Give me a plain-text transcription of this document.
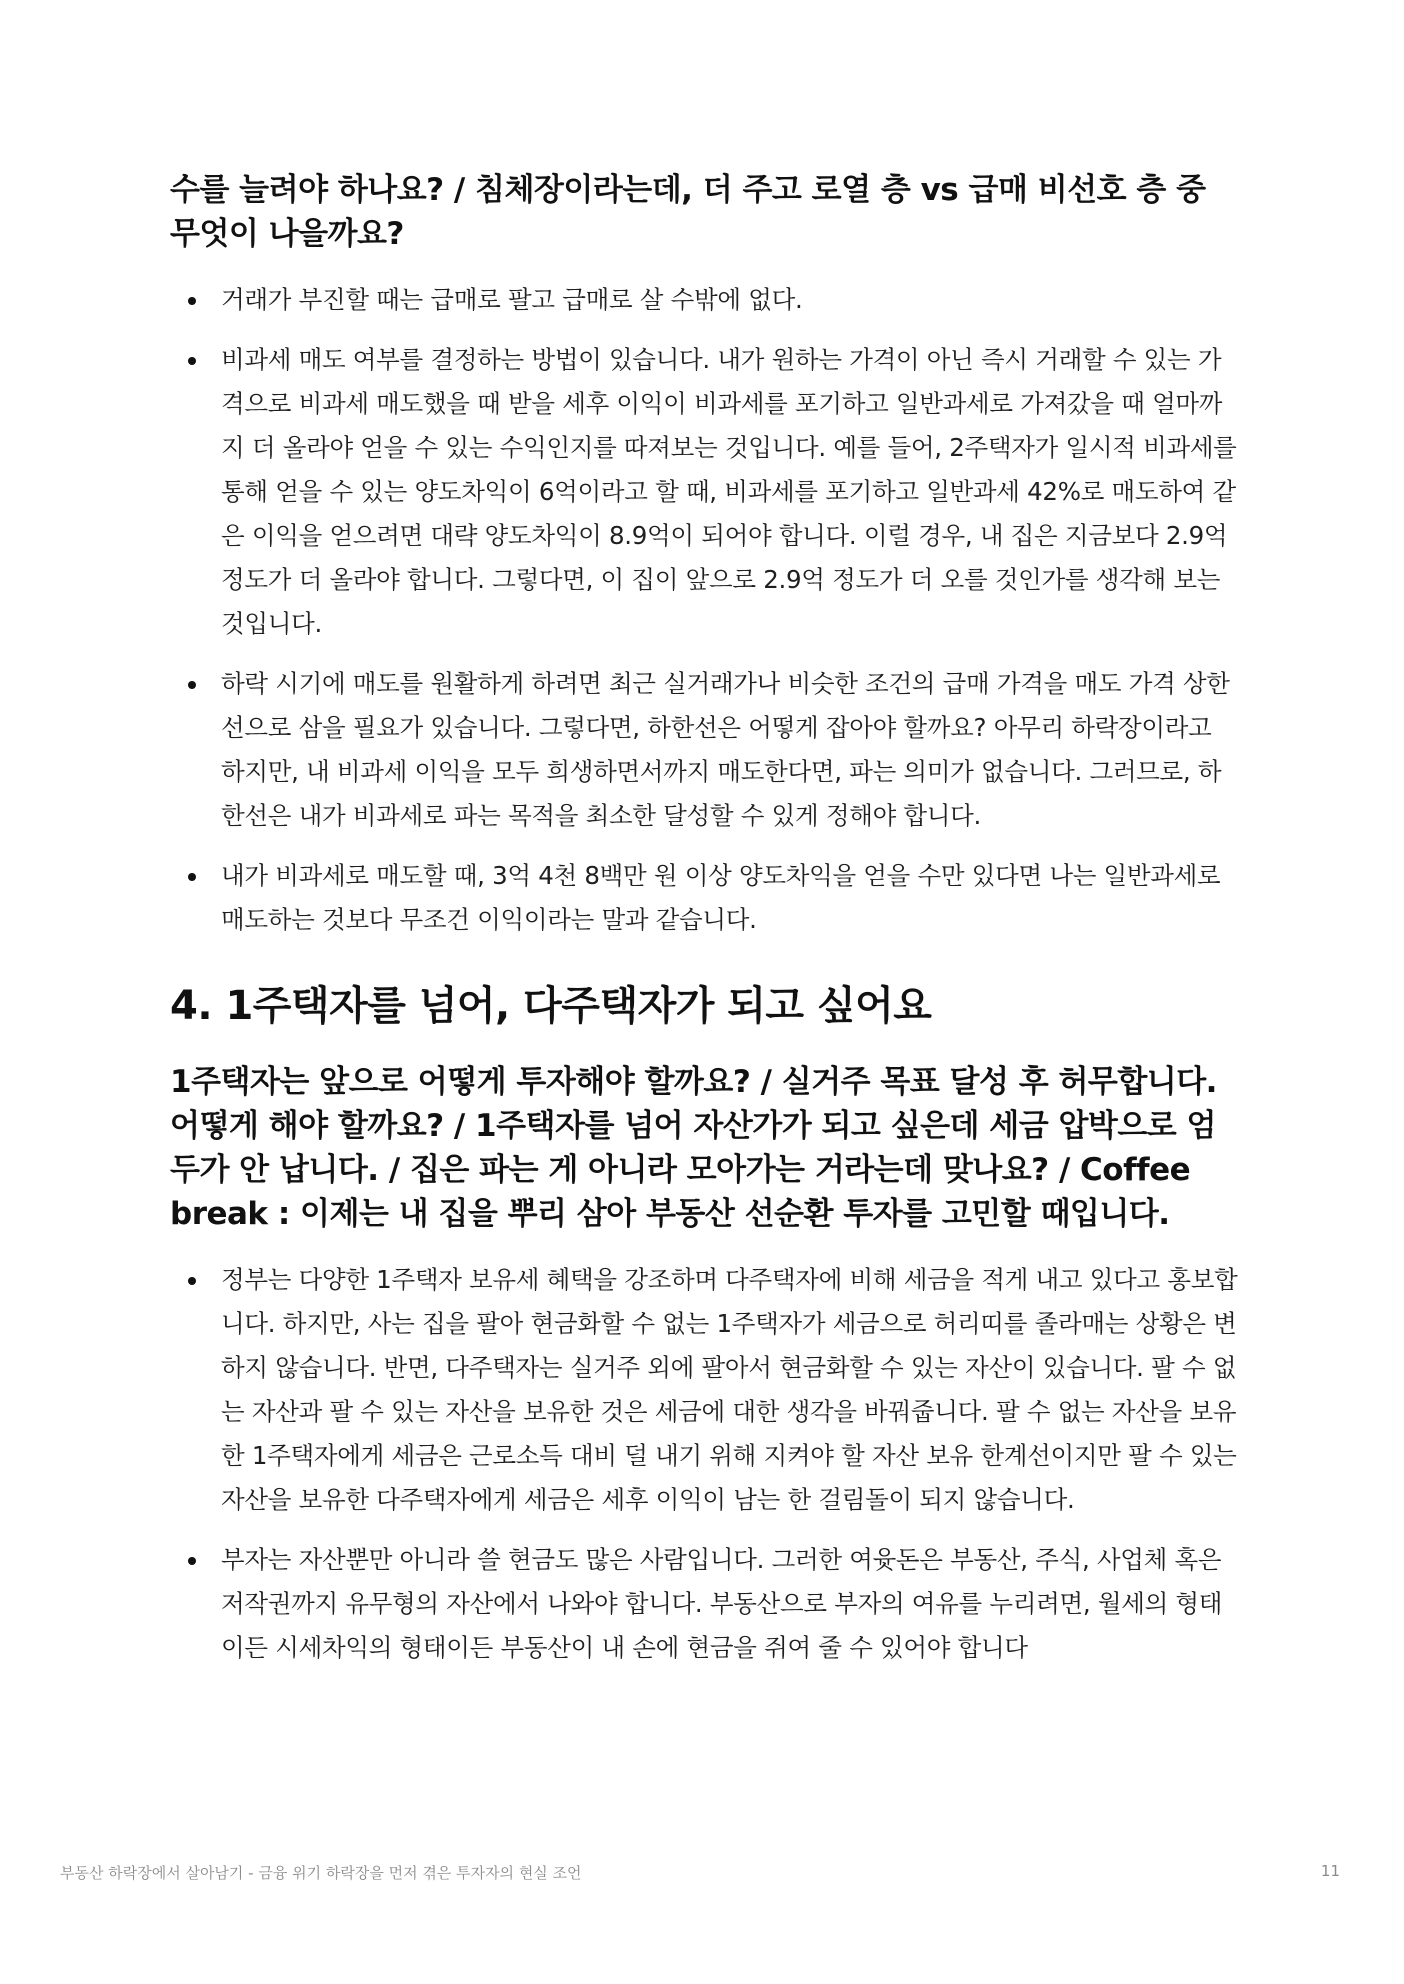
수를 늘려야 하나요? / 침체장이라는데, 더 주고 로열 층 vs 급매 비선호 층 중 무엇이 나을까요?
거래가 부진할 때는 급매로 팔고 급매로 살 수밖에 없다.
비과세 매도 여부를 결정하는 방법이 있습니다. 내가 원하는 가격이 아닌 즉시 거래할 수 있는 가격으로 비과세 매도했을 때 받을 세후 이익이 비과세를 포기하고 일반과세로 가져갔을 때 얼마까지 더 올라야 얻을 수 있는 수익인지를 따져보는 것입니다. 예를 들어, 2주택자가 일시적 비과세를 통해 얻을 수 있는 양도차익이 6억이라고 할 때, 비과세를 포기하고 일반과세 42%로 매도하여 같은 이익을 얻으려면 대략 양도차익이 8.9억이 되어야 합니다. 이럴 경우, 내 집은 지금보다 2.9억 정도가 더 올라야 합니다. 그렇다면, 이 집이 앞으로 2.9억 정도가 더 오를 것인가를 생각해 보는 것입니다.
하락 시기에 매도를 원활하게 하려면 최근 실거래가나 비슷한 조건의 급매 가격을 매도 가격 상한선으로 삼을 필요가 있습니다. 그렇다면, 하한선은 어떻게 잡아야 할까요? 아무리 하락장이라고 하지만, 내 비과세 이익을 모두 희생하면서까지 매도한다면, 파는 의미가 없습니다. 그러므로, 하한선은 내가 비과세로 파는 목적을 최소한 달성할 수 있게 정해야 합니다.
내가 비과세로 매도할 때, 3억 4천 8백만 원 이상 양도차익을 얻을 수만 있다면 나는 일반과세로 매도하는 것보다 무조건 이익이라는 말과 같습니다.
4. 1주택자를 넘어, 다주택자가 되고 싶어요
1주택자는 앞으로 어떻게 투자해야 할까요? / 실거주 목표 달성 후 허무합니다. 어떻게 해야 할까요? / 1주택자를 넘어 자산가가 되고 싶은데 세금 압박으로 엄두가 안 납니다. / 집은 파는 게 아니라 모아가는 거라는데 맞나요? / Coffee break : 이제는 내 집을 뿌리 삼아 부동산 선순환 투자를 고민할 때입니다.
정부는 다양한 1주택자 보유세 혜택을 강조하며 다주택자에 비해 세금을 적게 내고 있다고 홍보합니다. 하지만, 사는 집을 팔아 현금화할 수 없는 1주택자가 세금으로 허리띠를 졸라매는 상황은 변하지 않습니다. 반면, 다주택자는 실거주 외에 팔아서 현금화할 수 있는 자산이 있습니다. 팔 수 없는 자산과 팔 수 있는 자산을 보유한 것은 세금에 대한 생각을 바꿔줍니다. 팔 수 없는 자산을 보유한 1주택자에게 세금은 근로소득 대비 덜 내기 위해 지켜야 할 자산 보유 한계선이지만 팔 수 있는 자산을 보유한 다주택자에게 세금은 세후 이익이 남는 한 걸림돌이 되지 않습니다.
부자는 자산뿐만 아니라 쓸 현금도 많은 사람입니다. 그러한 여윳돈은 부동산, 주식, 사업체 혹은 저작권까지 유무형의 자산에서 나와야 합니다. 부동산으로 부자의 여유를 누리려면, 월세의 형태이든 시세차익의 형태이든 부동산이 내 손에 현금을 쥐여 줄 수 있어야 합니다
부동산 하락장에서 살아남기 - 금융 위기 하락장을 먼저 겪은 투자자의 현실 조언	11
